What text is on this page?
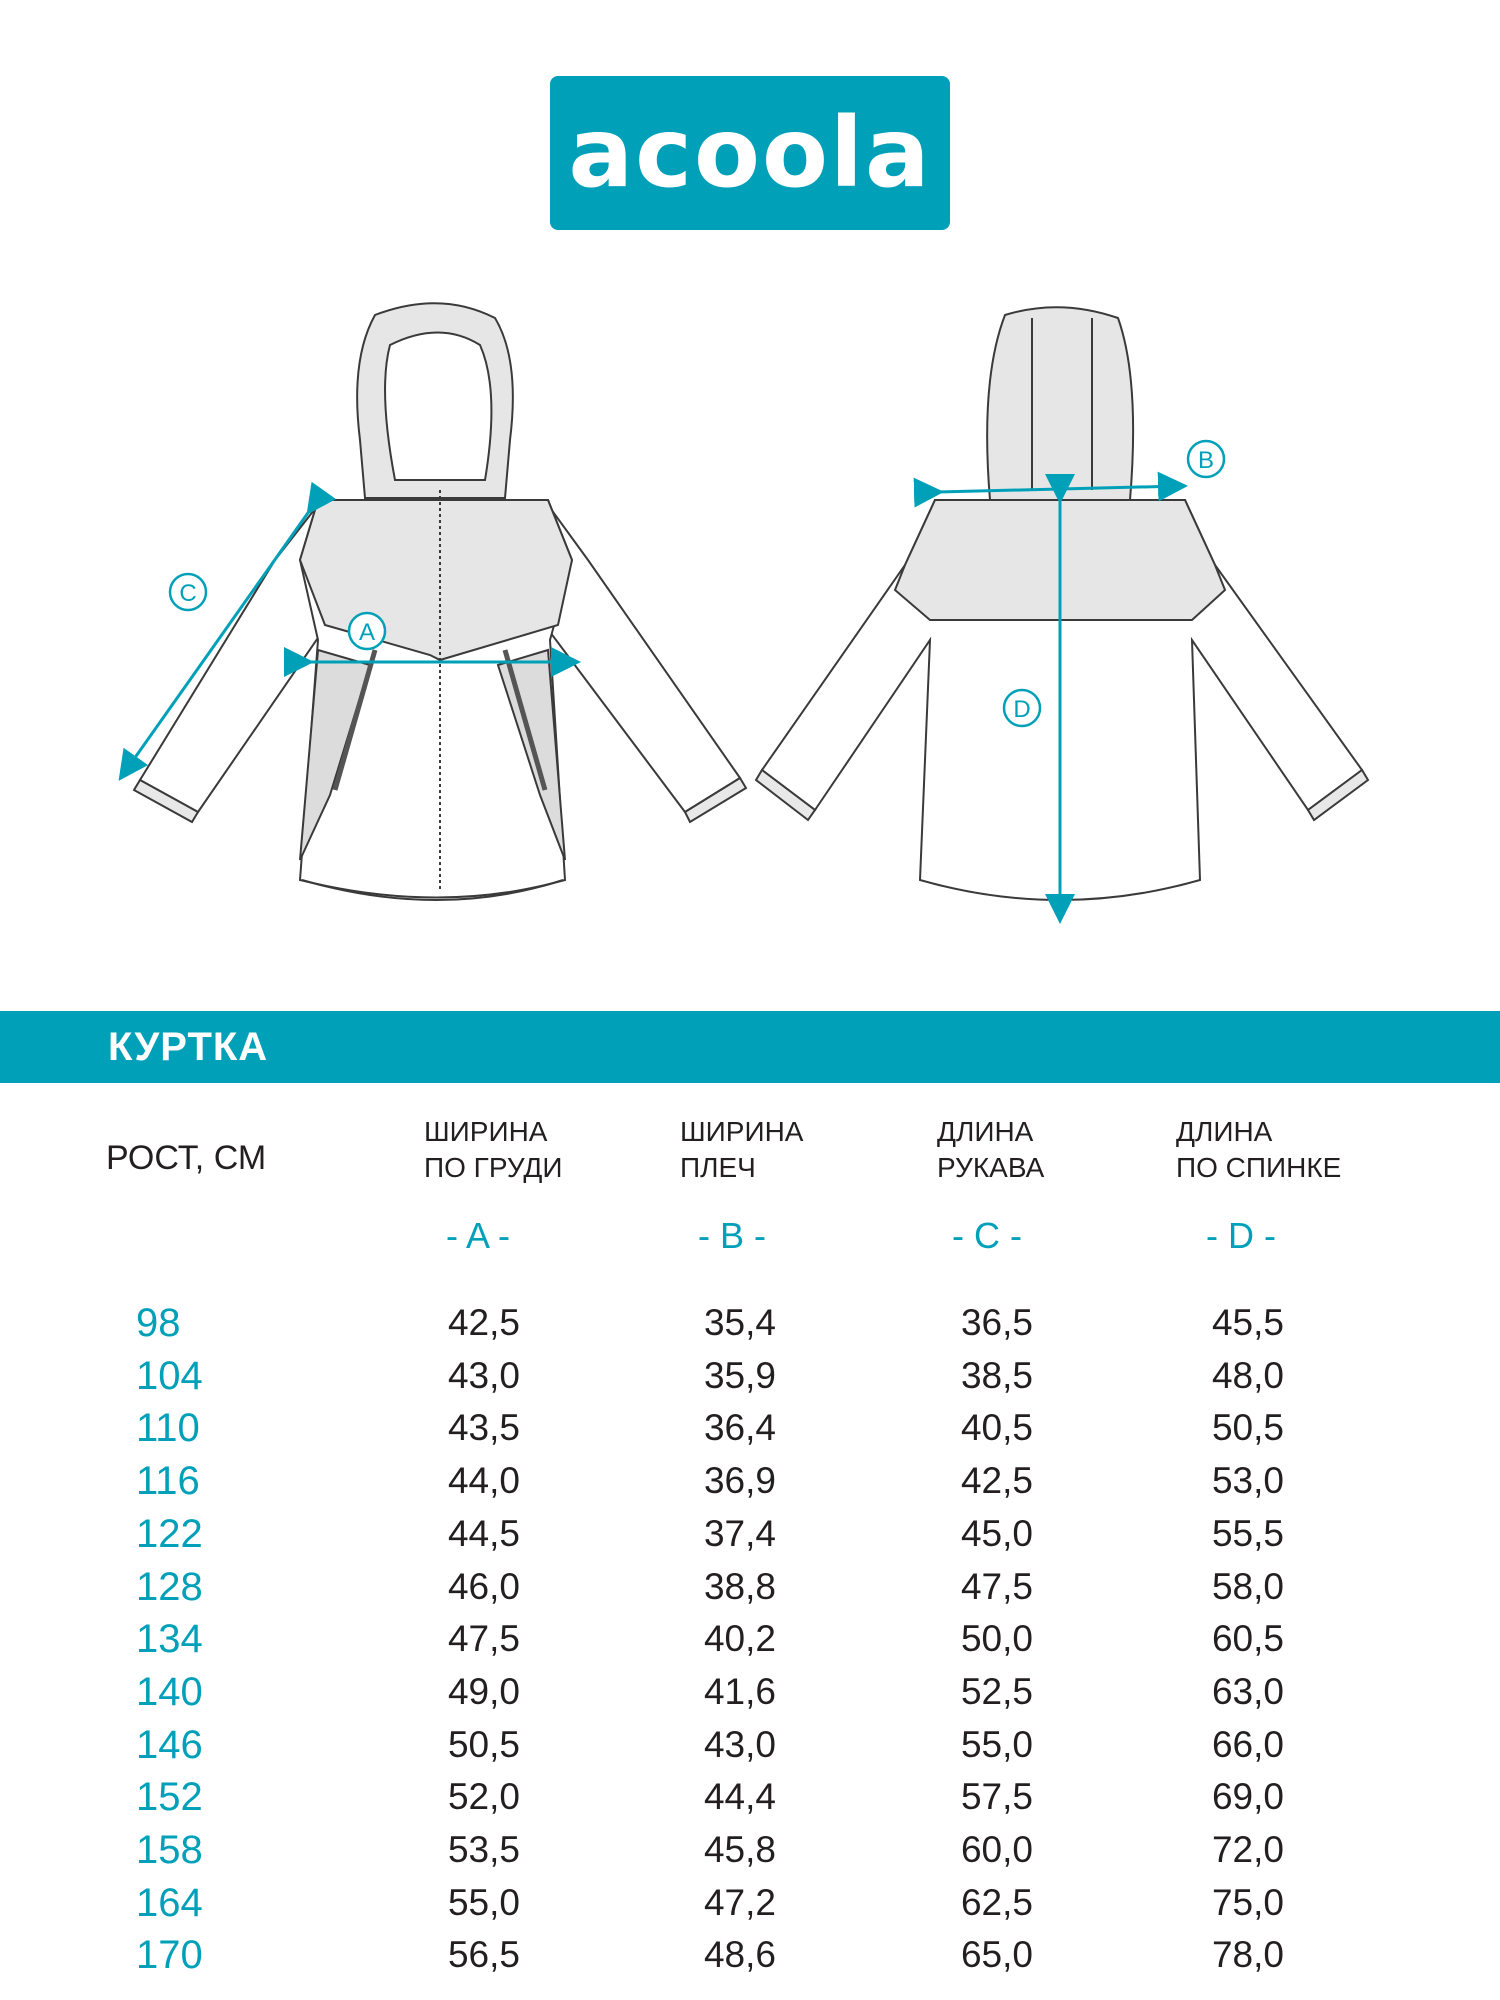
acoola
A
C
B
D
КУРТКА
РОСТ, СМ
ШИРИНА
ПО ГРУДИ
ШИРИНА
ПЛЕЧ
ДЛИНА
РУКАВА
ДЛИНА
ПО СПИНКЕ
- A -	- B -	- C -	- D -
98	42,5	35,4	36,5	45,5
104	43,0	35,9	38,5	48,0
110	43,5	36,4	40,5	50,5
116	44,0	36,9	42,5	53,0
122	44,5	37,4	45,0	55,5
128	46,0	38,8	47,5	58,0
134	47,5	40,2	50,0	60,5
140	49,0	41,6	52,5	63,0
146	50,5	43,0	55,0	66,0
152	52,0	44,4	57,5	69,0
158	53,5	45,8	60,0	72,0
164	55,0	47,2	62,5	75,0
170	56,5	48,6	65,0	78,0
